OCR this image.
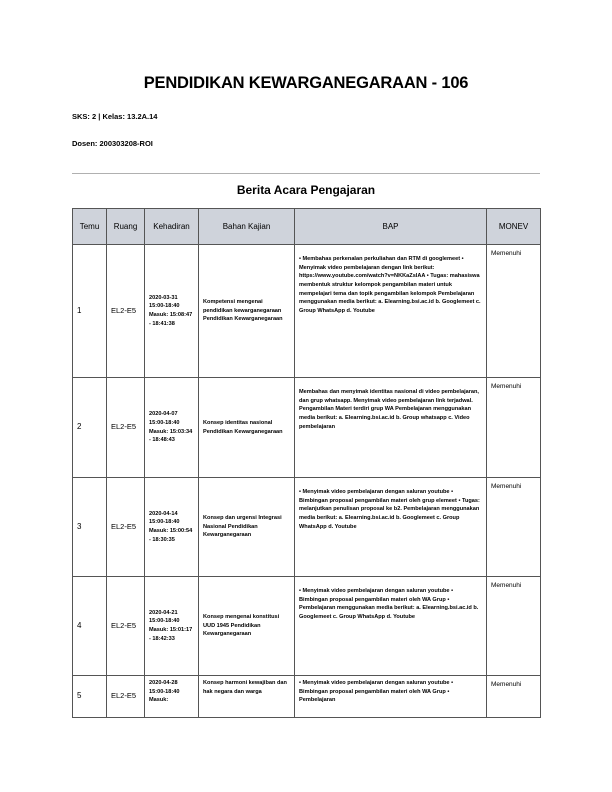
PENDIDIKAN KEWARGANEGARAAN - 106
SKS: 2 | Kelas: 13.2A.14
Dosen: 200303208-ROI
Berita Acara Pengajaran
Temu	Ruang	Kehadiran	Bahan Kajian	BAP	MONEV
1	EL2-E5	2020-03-31 15:00-18:40 Masuk: 15:08:47 - 18:41:38	Kompetensi mengenai pendidikan kewarganegaraan Pendidikan Kewarganegaraan	• Membahas perkenalan perkuliahan dan RTM di googlemeet • Menyimak video pembelajaran dengan link berikut: https://www.youtube.com/watch?v=NKKaZsIAA • Tugas: mahasiswa membentuk struktur kelompok pengambilan materi untuk mempelajari tema dan topik pengambilan kelompok Pembelajaran menggunakan media berikut: a. Elearning.bsi.ac.id b. Googlemeet c. Group WhatsApp d. Youtube	Memenuhi
2	EL2-E5	2020-04-07 15:00-18:40 Masuk: 15:03:34 - 18:48:43	Konsep identitas nasional Pendidikan Kewarganegaraan	Membahas dan menyimak identitas nasional di video pembelajaran, dan grup whatsapp. Menyimak video pembelajaran link terjadwal. Pengambilan Materi terdiri grup WA Pembelajaran menggunakan media berikut: a. Elearning.bsi.ac.id b. Group whatsapp c. Video pembelajaran	Memenuhi
3	EL2-E5	2020-04-14 15:00-18:40 Masuk: 15:00:54 - 18:30:35	Konsep dan urgensi Integrasi Nasional Pendidikan Kewarganegaraan	• Menyimak video pembelajaran dengan saluran youtube • Bimbingan proposal pengambilan materi oleh grup elemeet • Tugas: melanjutkan penulisan proposal ke b2. Pembelajaran menggunakan media berikut: a. Elearning.bsi.ac.id b. Googlemeet c. Group WhatsApp d. Youtube	Memenuhi
4	EL2-E5	2020-04-21 15:00-18:40 Masuk: 15:01:17 - 18:42:33	Konsep mengenai konstitusi UUD 1945 Pendidikan Kewarganegaraan	• Menyimak video pembelajaran dengan saluran youtube • Bimbingan proposal pengambilan materi oleh WA Grup • Pembelajaran menggunakan media berikut: a. Elearning.bsi.ac.id b. Googlemeet c. Group WhatsApp d. Youtube	Memenuhi
5	EL2-E5	2020-04-28 15:00-18:40 Masuk:	Konsep harmoni kewajiban dan hak negara dan warga	• Menyimak video pembelajaran dengan saluran youtube • Bimbingan proposal pengambilan materi oleh WA Grup • Pembelajaran	Memenuhi
